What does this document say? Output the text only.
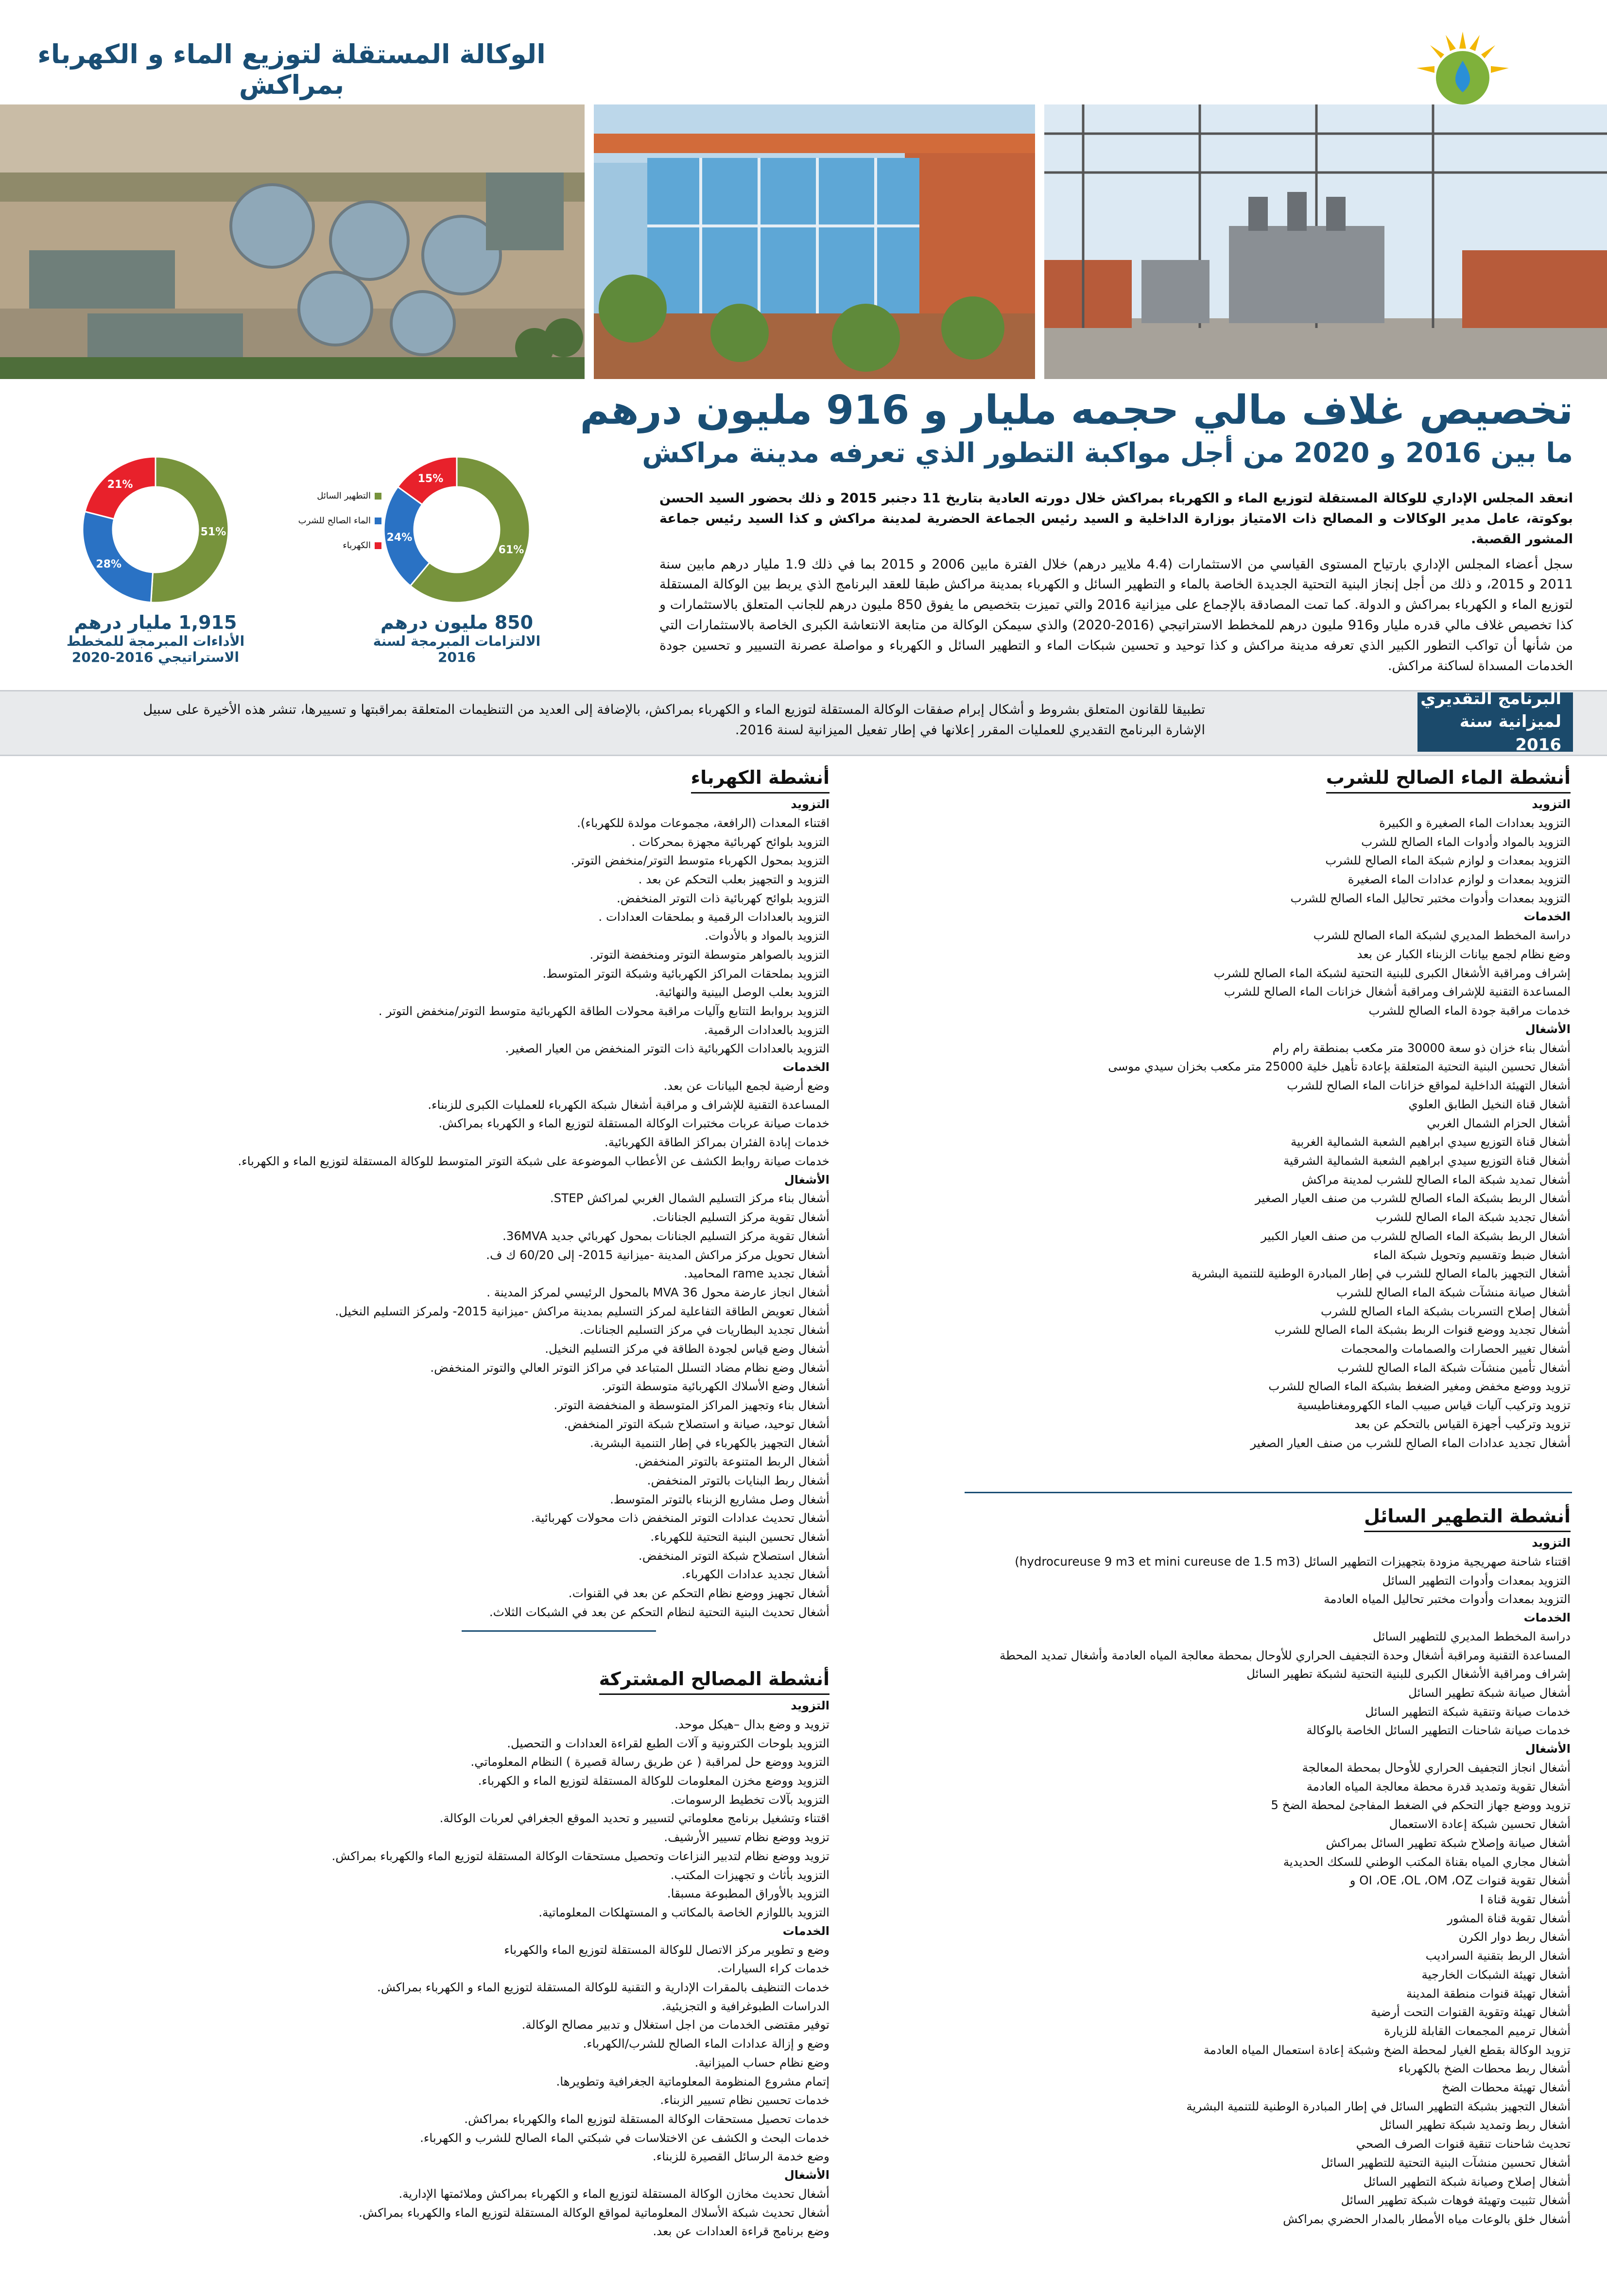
الوكالة المستقلة لتوزيع الماء و الكهرباء بمراكش
تخصيص غلاف مالي حجمه مليار و 916 مليون درهم
ما بين 2016 و 2020 من أجل مواكبة التطور الذي تعرفه مدينة مراكش
انعقد المجلس الإداري للوكالة المستقلة لتوزيع الماء و الكهرباء بمراكش خلال دورته العادية بتاريخ 11 دجنبر 2015 و ذلك بحضور السيد الحسن بوكوتة، عامل مدير الوكالات و المصالح ذات الامتياز بوزارة الداخلية و السيد رئيس الجماعة الحضرية لمدينة مراكش و كذا السيد رئيس جماعة المشور القصبة.
سجل أعضاء المجلس الإداري بارتياح المستوى القياسي من الاستثمارات (4.4 ملايير درهم) خلال الفترة مابين 2006 و 2015 بما في ذلك 1.9 مليار درهم مابين سنة 2011 و 2015، و ذلك من أجل إنجاز البنية التحتية الجديدة الخاصة بالماء و التطهير السائل و الكهرباء بمدينة مراكش طبقا للعقد البرنامج الذي يربط بين الوكالة المستقلة لتوزيع الماء و الكهرباء بمراكش و الدولة. كما تمت المصادقة بالإجماع على ميزانية 2016 والتي تميزت بتخصيص ما يفوق 850 مليون درهم للجانب المتعلق بالاستثمارات و كذا تخصيص غلاف مالي قدره مليار و916 مليون درهم للمخطط الاستراتيجي (2016-2020) والذي سيمكن الوكالة من متابعة الانتعاشة الكبرى الخاصة بالاستثمارات التي من شأنها أن تواكب التطور الكبير الذي تعرفه مدينة مراكش و كذا توحيد و تحسين شبكات الماء و التطهير السائل و الكهرباء و مواصلة عصرنة التسيير و تحسين جودة الخدمات المسداة لساكنة مراكش.
61%
24%
15%
850 مليون درهم
الالتزامات المبرمجة لسنة 2016
التطهير السائل
الماء الصالح للشرب
الكهرباء
51%
28%
21%
1,915 مليار درهم
الأداءات المبرمجة للمخطط الاستراتيجي 2016-2020
البرنامج التقديري لميزانية سنة 2016
تطبيقا للقانون المتعلق بشروط و أشكال إبرام صفقات الوكالة المستقلة لتوزيع الماء و الكهرباء بمراكش، بالإضافة إلى العديد من التنظيمات المتعلقة بمراقبتها و تسييرها، تنشر هذه الأخيرة على سبيل الإشارة البرنامج التقديري للعمليات المقرر إعلانها في إطار تفعيل الميزانية لسنة 2016.
أنشطة الماء الصالح للشرب
التزويد
التزويد بعدادات الماء الصغيرة و الكبيرة
التزويد بالمواد وأدوات الماء الصالح للشرب
التزويد بمعدات و لوازم شبكة الماء الصالح للشرب
التزويد بمعدات و لوازم عدادات الماء الصغيرة
التزويد بمعدات وأدوات مختبر تحاليل الماء الصالح للشرب
الخدمات
دراسة المخطط المديري لشبكة الماء الصالح للشرب
وضع نظام لجمع بيانات الزبناء الكبار عن بعد
إشراف ومراقبة الأشغال الكبرى للبنية التحتية لشبكة الماء الصالح للشرب
المساعدة التقنية للإشراف ومراقبة أشغال خزانات الماء الصالح للشرب
خدمات مراقبة جودة الماء الصالح للشرب
الأشغال
أشغال بناء خزان ذو سعة 30000 متر مكعب بمنطقة رام رام
أشغال تحسين البنية التحتية المتعلقة بإعادة تأهيل خلية 25000 متر مكعب بخزان سيدي موسى
أشغال التهيئة الداخلية لمواقع خزانات الماء الصالح للشرب
أشغال قناة النخيل الطابق العلوي
أشغال الحزام الشمال الغربي
أشغال قناة التوزيع سيدي ابراهيم الشعبة الشمالية الغربية
أشغال قناة التوزيع سيدي ابراهيم الشعبة الشمالية الشرقية
أشغال تمديد شبكة الماء الصالح للشرب لمدينة مراكش
أشغال الربط بشبكة الماء الصالح للشرب من صنف العيار الصغير
أشغال تجديد شبكة الماء الصالح للشرب
أشغال الربط بشبكة الماء الصالح للشرب من صنف العيار الكبير
أشغال ضبط وتقسيم وتحويل شبكة الماء
أشغال التجهيز بالماء الصالح للشرب في إطار المبادرة الوطنية للتنمية البشرية
أشغال صيانة منشآت شبكة الماء الصالح للشرب
أشغال إصلاح التسربات بشبكة الماء الصالح للشرب
أشغال تجديد ووضع قنوات الربط بشبكة الماء الصالح للشرب
أشغال تغيير الحصارات والصمامات والمحجمات
أشغال تأمين منشآت شبكة الماء الصالح للشرب
تزويد ووضع مخفض ومغير الضغط بشبكة الماء الصالح للشرب
تزويد وتركيب آليات قياس صبيب الماء الكهرومغناطيسية
تزويد وتركيب أجهزة القياس بالتحكم عن بعد
أشغال تجديد عدادات الماء الصالح للشرب من صنف العيار الصغير
أنشطة الكهرباء
التزويد
اقتناء المعدات (الرافعة، مجموعات مولدة للكهرباء).
التزويد بلوائح كهربائية مجهزة بمحركات .
التزويد بمحول الكهرباء متوسط التوتر/منخفض التوتر.
التزويد و التجهيز بعلب التحكم عن بعد .
التزويد بلوائح كهربائية ذات التوتر المنخفض.
التزويد بالعدادات الرقمية و بملحقات العدادات .
التزويد بالمواد و بالأدوات.
التزويد بالصواهر متوسطة التوتر ومنخفضة التوتر.
التزويد بملحقات المراكز الكهربائية وشبكة التوتر المتوسط.
التزويد بعلب الوصل البينية والنهائية.
التزويد بروابط التتابع وآليات مراقبة محولات الطاقة الكهربائية متوسط التوتر/منخفض التوتر .
التزويد بالعدادات الرقمية.
التزويد بالعدادات الكهربائية ذات التوتر المنخفض من العيار الصغير.
الخدمات
وضع أرضية لجمع البيانات عن بعد.
المساعدة التقنية للإشراف و مراقبة أشغال شبكة الكهرباء للعمليات الكبرى للزبناء.
خدمات صيانة عربات مختبرات الوكالة المستقلة لتوزيع الماء و الكهرباء بمراكش.
خدمات إبادة الفئران بمراكز الطاقة الكهربائية.
خدمات صيانة روابط الكشف عن الأعطاب الموضوعة على شبكة التوتر المتوسط للوكالة المستقلة لتوزيع الماء و الكهرباء.
الأشغال
أشغال بناء مركز التسليم الشمال الغربي لمراكش STEP.
أشغال تقوية مركز التسليم الجنانات.
أشغال تقوية مركز التسليم الجنانات بمحول كهربائي جديد 36MVA.
أشغال تحويل مركز مراكش المدينة -ميزانية 2015- إلى 60/20 ك ف.
أشغال تجديد rame المحاميد.
أشغال انجاز عارضة محول 36 MVA بالمحول الرئيسي لمركز المدينة .
أشغال تعويض الطاقة التفاعلية لمركز التسليم بمدينة مراكش -ميزانية 2015- ولمركز التسليم النخيل.
أشغال تجديد البطاريات في مركز التسليم الجنانات.
أشغال وضع قياس لجودة الطاقة في مركز التسليم النخيل.
أشغال وضع نظام مضاد التسلل المتباعد في مراكز التوتر العالي والتوتر المنخفض.
أشغال وضع الأسلاك الكهربائية متوسطة التوتر.
أشغال بناء وتجهيز المراكز المتوسطة و المنخفضة التوتر.
أشغال توحيد، صيانة و استصلاح شبكة التوتر المنخفض.
أشغال التجهيز بالكهرباء في إطار التنمية البشرية.
أشغال الربط المتنوعة بالتوتر المنخفض.
أشغال ربط البنايات بالتوتر المنخفض.
أشغال وصل مشاريع الزبناء بالتوتر المتوسط.
أشغال تحديث عدادات التوتر المنخفض ذات محولات كهربائية.
أشغال تحسين البنية التحتية للكهرباء.
أشغال استصلاح شبكة التوتر المنخفض.
أشغال تجديد عدادات الكهرباء.
أشغال تجهيز ووضع نظام التحكم عن بعد في القنوات.
أشغال تحديث البنية التحتية لنظام التحكم عن بعد في الشبكات الثلاث.
أنشطة التطهير السائل
التزويد
اقتناء شاحنة صهريجية مزودة بتجهيزات التطهير السائل (hydrocureuse 9 m3 et mini cureuse de 1.5 m3)
التزويد بمعدات وأدوات التطهير السائل
التزويد بمعدات وأدوات مختبر تحاليل المياه العادمة
الخدمات
دراسة المخطط المديري للتطهير السائل
المساعدة التقنية ومراقبة أشغال وحدة التجفيف الحراري للأوحال بمحطة معالجة المياه العادمة وأشغال تمديد المحطة
إشراف ومراقبة الأشغال الكبرى للبنية التحتية لشبكة تطهير السائل
أشغال صيانة شبكة تطهير السائل
خدمات صيانة وتنقية شبكة التطهير السائل
خدمات صيانة شاحنات التطهير السائل الخاصة بالوكالة
الأشغال
أشغال انجاز التجفيف الحراري للأوحال بمحطة المعالجة
أشغال تقوية وتمديد قدرة محطة معالجة المياه العادمة
تزويد ووضع جهاز التحكم في الضغط المفاجئ لمحطة الضخ 5
أشغال تحسين شبكة إعادة الاستعمال
أشغال صيانة وإصلاح شبكة تطهير السائل بمراكش
أشغال مجاري المياه بقناة المكتب الوطني للسكك الحديدية
أشغال تقوية قنوات OI ،OE ،OL ،OM ،OZ و
أشغال تقوية قناة I
أشغال تقوية قناة المشور
أشغال ربط دوار الكرن
أشغال الربط بتقنية السراديب
أشغال تهيئة الشبكات الخارجية
أشغال تهيئة قنوات منطقة المدينة
أشغال تهيئة وتقوية القنوات التحت أرضية
أشغال ترميم المجمعات القابلة للزيارة
تزويد الوكالة بقطع الغيار لمحطة الضخ وشبكة إعادة استعمال المياه العادمة
أشغال ربط محطات الضخ بالكهرباء
أشغال تهيئة محطات الضخ
أشغال التجهيز بشبكة التطهير السائل في إطار المبادرة الوطنية للتنمية البشرية
أشغال ربط وتمديد شبكة تطهير السائل
تحديث شاحنات تنقية قنوات الصرف الصحي
أشغال تحسين منشآت البنية التحتية للتطهير السائل
أشغال إصلاح وصيانة شبكة التطهير السائل
أشغال تثبيت وتهيئة فوهات شبكة تطهير السائل
أشغال خلق بالوعات مياه الأمطار بالمدار الحضري بمراكش
أنشطة المصالح المشتركة
التزويد
تزويد و وضع بدال –هيكل موحد.
التزويد بلوحات الكترونية و آلات الطبع لقراءة العدادات و التحصيل.
التزويد ووضع حل لمراقبة ( عن طريق رسالة قصيرة ) النظام المعلوماتي.
التزويد ووضع مخزن المعلومات للوكالة المستقلة لتوزيع الماء و الكهرباء.
التزويد بآلات تخطيط الرسومات.
اقتناء وتشغيل برنامج معلوماتي لتسيير و تحديد الموقع الجغرافي لعربات الوكالة.
تزويد ووضع نظام تسيير الأرشيف.
تزويد ووضع نظام لتدبير النزاعات وتحصيل مستحقات الوكالة المستقلة لتوزيع الماء والكهرباء بمراكش.
التزويد بأثاث و تجهيزات المكتب.
التزويد بالأوراق المطبوعة مسبقا.
التزويد باللوازم الخاصة بالمكاتب و المستهلكات المعلوماتية.
الخدمات
وضع و تطوير مركز الاتصال للوكالة المستقلة لتوزيع الماء والكهرباء
خدمات كراء السيارات.
خدمات التنظيف بالمقرات الإدارية و التقنية للوكالة المستقلة لتوزيع الماء و الكهرباء بمراكش.
الدراسات الطبوغرافية و التجزيئية.
توفير مقتضى الخدمات من اجل استغلال و تدبير مصالح الوكالة.
وضع و إزالة عدادات الماء الصالح للشرب/الكهرباء.
وضع نظام حساب الميزانية.
إتمام مشروع المنظومة المعلوماتية الجغرافية وتطويرها.
خدمات تحسين نظام تسيير الزبناء.
خدمات تحصيل مستحقات الوكالة المستقلة لتوزيع الماء والكهرباء بمراكش.
خدمات البحث و الكشف عن الاختلاسات في شبكتي الماء الصالح للشرب و الكهرباء.
وضع خدمة الرسائل القصيرة للزبناء.
الأشغال
أشغال تحديث مخازن الوكالة المستقلة لتوزيع الماء و الكهرباء بمراكش وملائمتها الإدارية.
أشغال تحديث شبكة الأسلاك المعلوماتية لمواقع الوكالة المستقلة لتوزيع الماء والكهرباء بمراكش.
وضع برنامج قراءة العدادات عن بعد.
